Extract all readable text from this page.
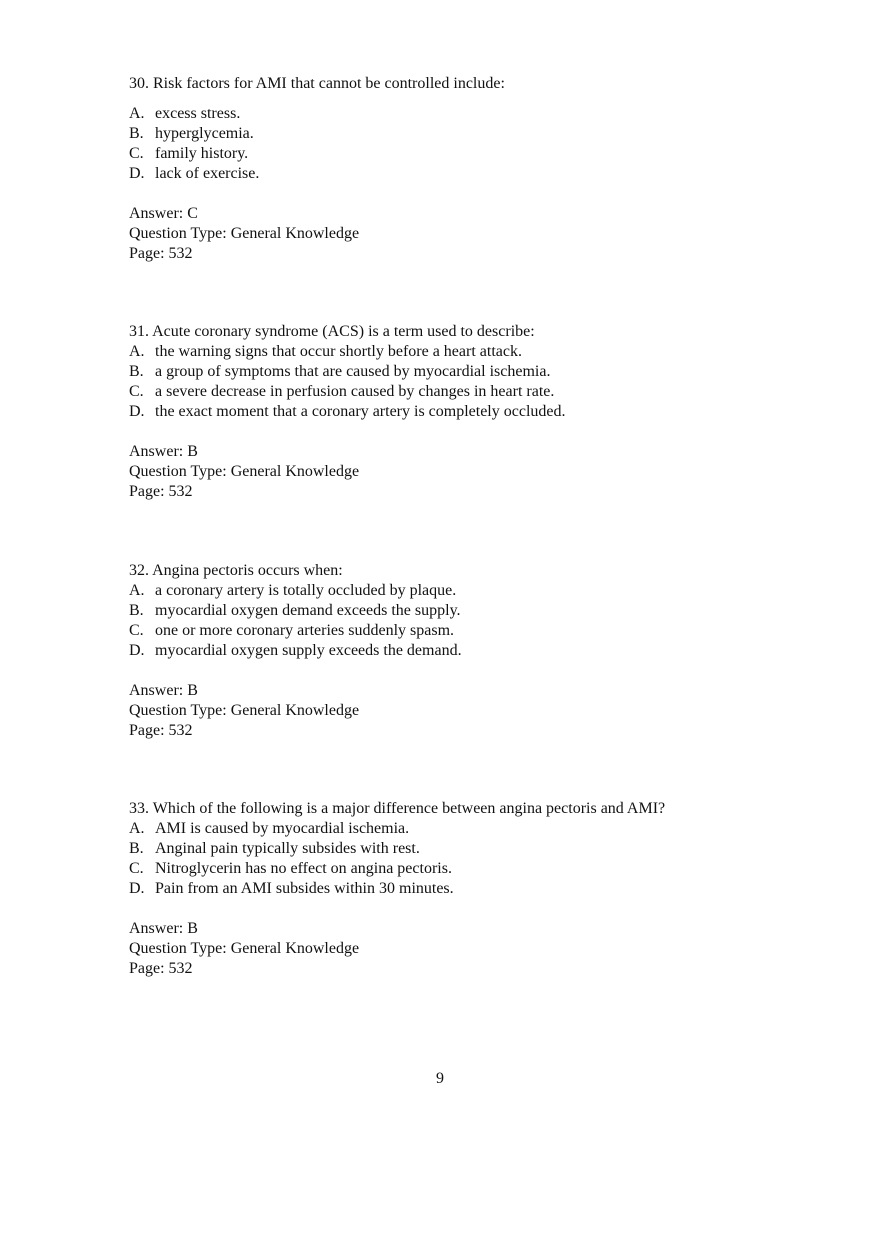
30. Risk factors for AMI that cannot be controlled include:

A. excess stress.
B. hyperglycemia.
C. family history.
D. lack of exercise.
Answer: C
Question Type: General Knowledge
Page: 532

31. Acute coronary syndrome (ACS) is a term used to describe:

A. the warning signs that occur shortly before a heart attack.
B. a group of symptoms that are caused by myocardial ischemia.
C. a severe decrease in perfusion caused by changes in heart rate.
D. the exact moment that a coronary artery is completely occluded.
Answer: B
Question Type: General Knowledge
Page: 532

32. Angina pectoris occurs when:

A. a coronary artery is totally occluded by plaque.
B. myocardial oxygen demand exceeds the supply.
C. one or more coronary arteries suddenly spasm.
D. myocardial oxygen supply exceeds the demand.
Answer: B
Question Type: General Knowledge
Page: 532

33. Which of the following is a major difference between angina pectoris and AMI?

A. AMI is caused by myocardial ischemia.
B. Anginal pain typically subsides with rest.
C. Nitroglycerin has no effect on angina pectoris.
D. Pain from an AMI subsides within 30 minutes.
Answer: B
Question Type: General Knowledge
Page: 532
9
